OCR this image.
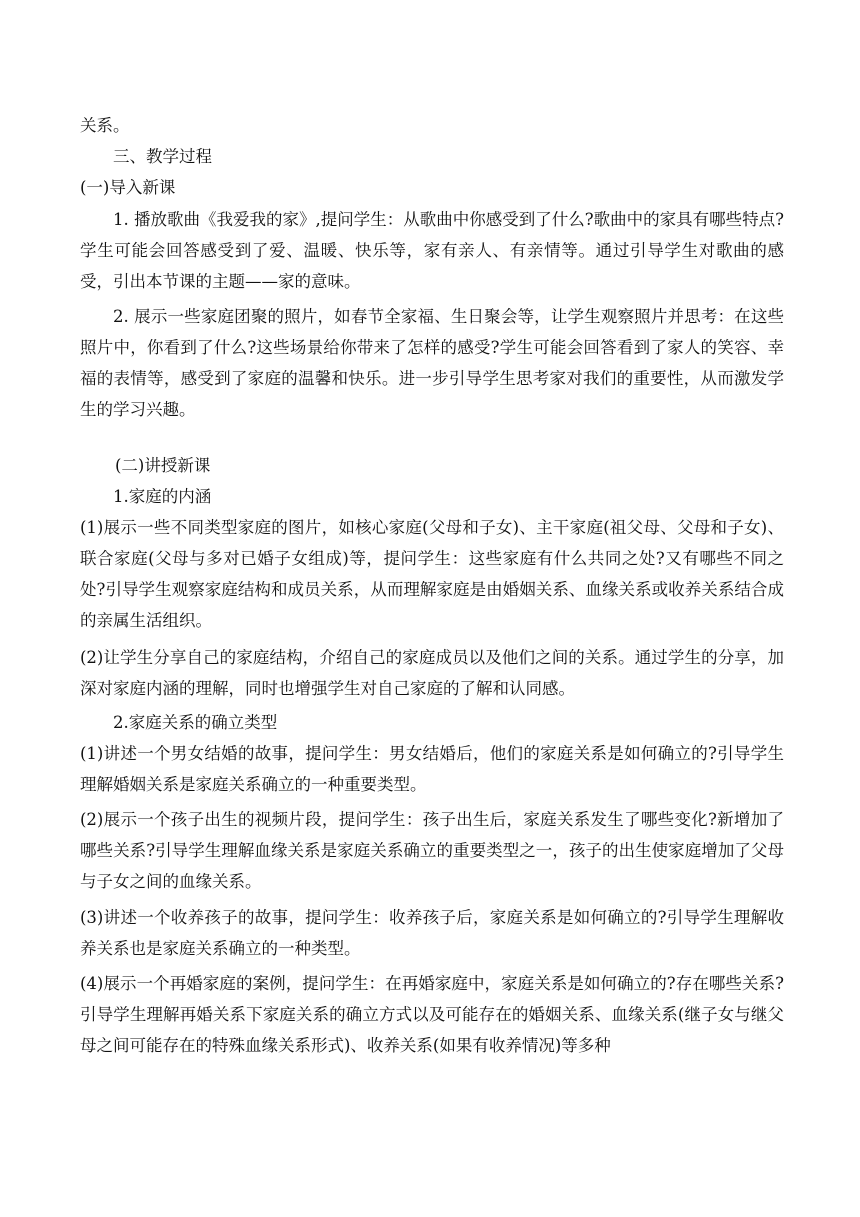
关系。

三、教学过程

(一)导入新课

1. 播放歌曲《我爱我的家》,提问学生：从歌曲中你感受到了什么?歌曲中的家具有哪些特点?学生可能会回答感受到了爱、温暖、快乐等，家有亲人、有亲情等。通过引导学生对歌曲的感受，引出本节课的主题——家的意味。

2. 展示一些家庭团聚的照片，如春节全家福、生日聚会等，让学生观察照片并思考：在这些照片中，你看到了什么?这些场景给你带来了怎样的感受?学生可能会回答看到了家人的笑容、幸福的表情等，感受到了家庭的温馨和快乐。进一步引导学生思考家对我们的重要性，从而激发学生的学习兴趣。

(二)讲授新课

1.家庭的内涵

(1)展示一些不同类型家庭的图片，如核心家庭(父母和子女)、主干家庭(祖父母、父母和子女)、联合家庭(父母与多对已婚子女组成)等，提问学生：这些家庭有什么共同之处?又有哪些不同之处?引导学生观察家庭结构和成员关系，从而理解家庭是由婚姻关系、血缘关系或收养关系结合成的亲属生活组织。

(2)让学生分享自己的家庭结构，介绍自己的家庭成员以及他们之间的关系。通过学生的分享，加深对家庭内涵的理解，同时也增强学生对自己家庭的了解和认同感。

2.家庭关系的确立类型

(1)讲述一个男女结婚的故事，提问学生：男女结婚后，他们的家庭关系是如何确立的?引导学生理解婚姻关系是家庭关系确立的一种重要类型。

(2)展示一个孩子出生的视频片段，提问学生：孩子出生后，家庭关系发生了哪些变化?新增加了哪些关系?引导学生理解血缘关系是家庭关系确立的重要类型之一，孩子的出生使家庭增加了父母与子女之间的血缘关系。

(3)讲述一个收养孩子的故事，提问学生：收养孩子后，家庭关系是如何确立的?引导学生理解收养关系也是家庭关系确立的一种类型。

(4)展示一个再婚家庭的案例，提问学生：在再婚家庭中，家庭关系是如何确立的?存在哪些关系?引导学生理解再婚关系下家庭关系的确立方式以及可能存在的婚姻关系、血缘关系(继子女与继父母之间可能存在的特殊血缘关系形式)、收养关系(如果有收养情况)等多种
